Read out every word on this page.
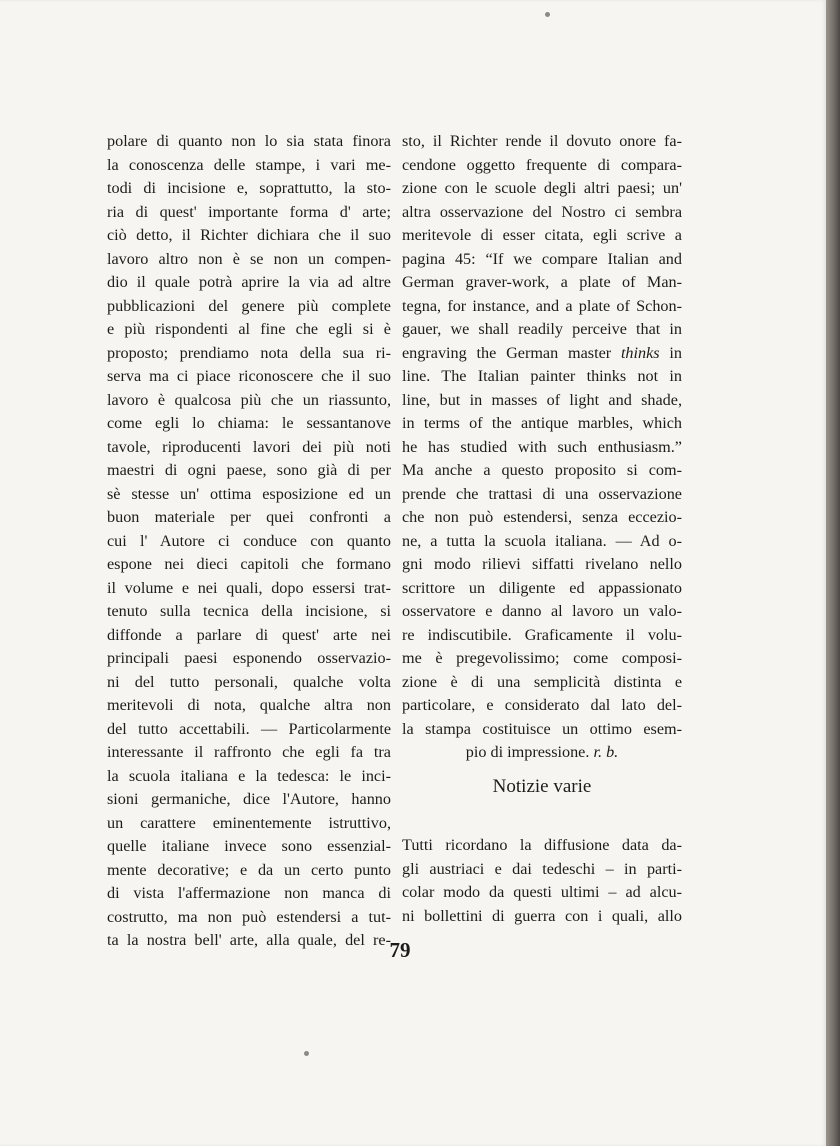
polare di quanto non lo sia stata finora
la conoscenza delle stampe, i vari me-
todi di incisione e, soprattutto, la sto-
ria di quest' importante forma d' arte;
ciò detto, il Richter dichiara che il suo
lavoro altro non è se non un compen-
dio il quale potrà aprire la via ad altre
pubblicazioni del genere più complete
e più rispondenti al fine che egli si è
proposto; prendiamo nota della sua ri-
serva ma ci piace riconoscere che il suo
lavoro è qualcosa più che un riassunto,
come egli lo chiama: le sessantanove
tavole, riproducenti lavori dei più noti
maestri di ogni paese, sono già di per
sè stesse un' ottima esposizione ed un
buon materiale per quei confronti a
cui l' Autore ci conduce con quanto
espone nei dieci capitoli che formano
il volume e nei quali, dopo essersi trat-
tenuto sulla tecnica della incisione, si
diffonde a parlare di quest' arte nei
principali paesi esponendo osservazio-
ni del tutto personali, qualche volta
meritevoli di nota, qualche altra non
del tutto accettabili. — Particolarmente
interessante il raffronto che egli fa tra
la scuola italiana e la tedesca: le inci-
sioni germaniche, dice l'Autore, hanno
un carattere eminentemente istruttivo,
quelle italiane invece sono essenzial-
mente decorative; e da un certo punto
di vista l'affermazione non manca di
costrutto, ma non può estendersi a tut-
ta la nostra bell' arte, alla quale, del re-
sto, il Richter rende il dovuto onore fa-
cendone oggetto frequente di compara-
zione con le scuole degli altri paesi; un'
altra osservazione del Nostro ci sembra
meritevole di esser citata, egli scrive a
pagina 45: “If we compare Italian and
German graver-work, a plate of Man-
tegna, for instance, and a plate of Schon-
gauer, we shall readily perceive that in
engraving the German master thinks in
line. The Italian painter thinks not in
line, but in masses of light and shade,
in terms of the antique marbles, which
he has studied with such enthusiasm.”
Ma anche a questo proposito si com-
prende che trattasi di una osservazione
che non può estendersi, senza eccezio-
ne, a tutta la scuola italiana. — Ad o-
gni modo rilievi siffatti rivelano nello
scrittore un diligente ed appassionato
osservatore e danno al lavoro un valo-
re indiscutibile. Graficamente il volu-
me è pregevolissimo; come composi-
zione è di una semplicità distinta e
particolare, e considerato dal lato del-
la stampa costituisce un ottimo esem-
pio di impressione. r. b.
Notizie varie
Tutti ricordano la diffusione data da-
gli austriaci e dai tedeschi – in parti-
colar modo da questi ultimi – ad alcu-
ni bollettini di guerra con i quali, allo
79
